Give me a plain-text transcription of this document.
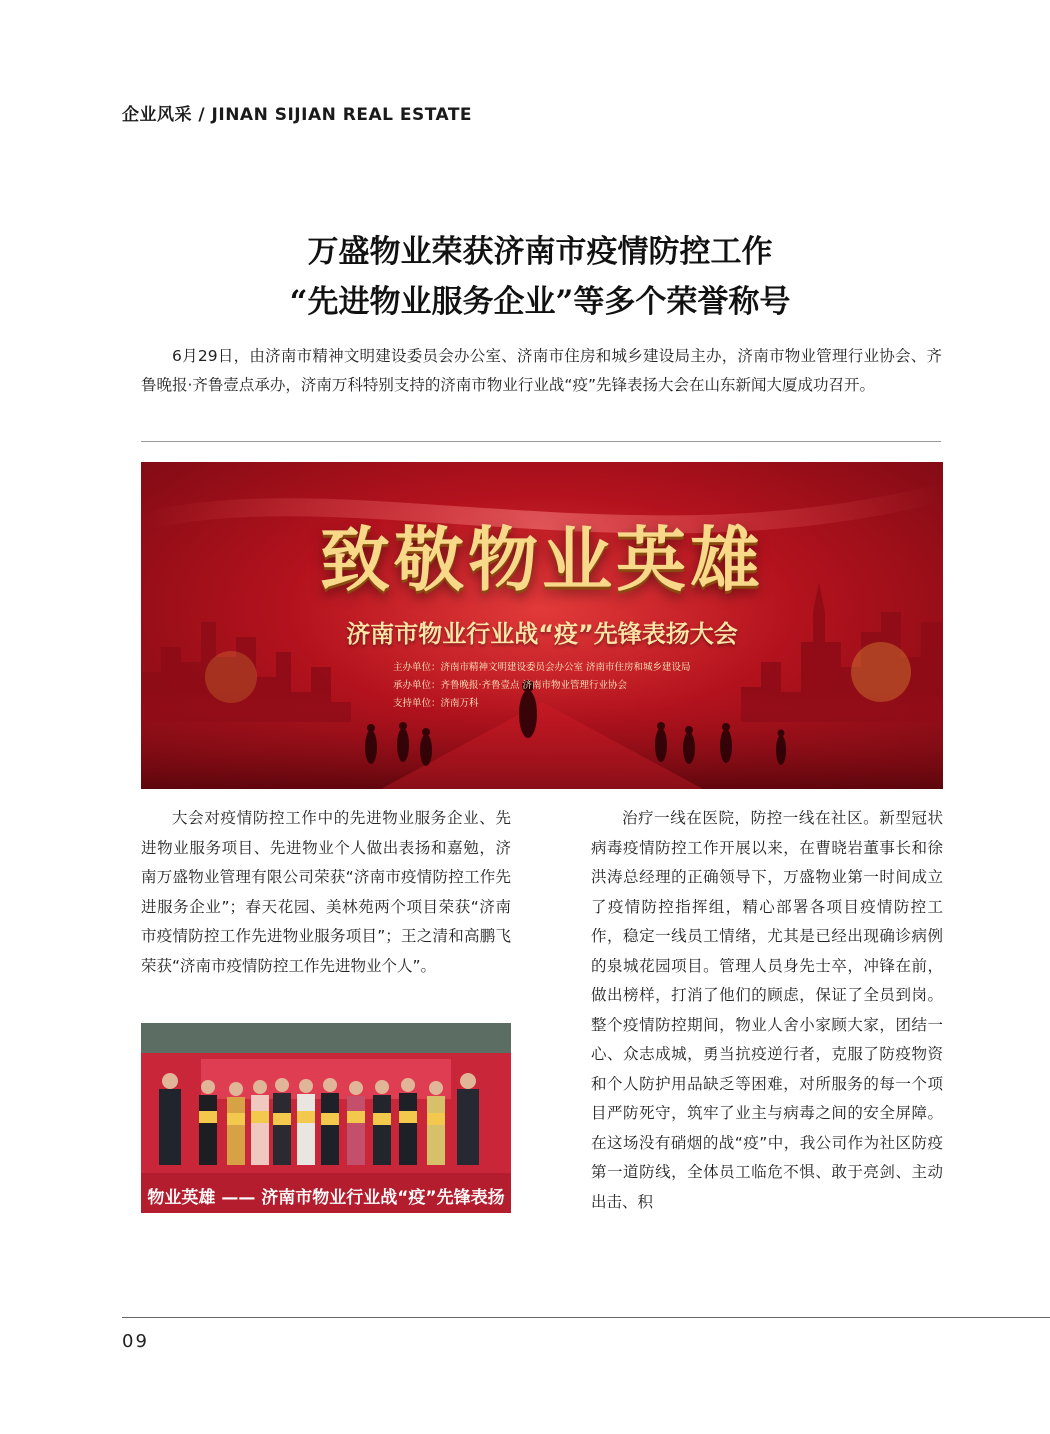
企业风采 / JINAN SIJIAN REAL ESTATE
万盛物业荣获济南市疫情防控工作
“先进物业服务企业”等多个荣誉称号
6月29日，由济南市精神文明建设委员会办公室、济南市住房和城乡建设局主办，济南市物业管理行业协会、齐鲁晚报·齐鲁壹点承办，济南万科特别支持的济南市物业行业战“疫”先锋表扬大会在山东新闻大厦成功召开。
致敬物业英雄
济南市物业行业战“疫”先锋表扬大会
主办单位：济南市精神文明建设委员会办公室 济南市住房和城乡建设局
承办单位：齐鲁晚报·齐鲁壹点 济南市物业管理行业协会
支持单位：济南万科
大会对疫情防控工作中的先进物业服务企业、先进物业服务项目、先进物业个人做出表扬和嘉勉，济南万盛物业管理有限公司荣获“济南市疫情防控工作先进服务企业”；春天花园、美林苑两个项目荣获“济南市疫情防控工作先进物业服务项目”；王之清和高鹏飞荣获“济南市疫情防控工作先进物业个人”。
物业英雄 —— 济南市物业行业战“疫”先锋表扬
治疗一线在医院，防控一线在社区。新型冠状病毒疫情防控工作开展以来，在曹晓岩董事长和徐洪涛总经理的正确领导下，万盛物业第一时间成立了疫情防控指挥组，精心部署各项目疫情防控工作，稳定一线员工情绪，尤其是已经出现确诊病例的泉城花园项目。管理人员身先士卒，冲锋在前，做出榜样，打消了他们的顾虑，保证了全员到岗。整个疫情防控期间，物业人舍小家顾大家，团结一心、众志成城，勇当抗疫逆行者，克服了防疫物资和个人防护用品缺乏等困难，对所服务的每一个项目严防死守，筑牢了业主与病毒之间的安全屏障。在这场没有硝烟的战“疫”中，我公司作为社区防疫第一道防线，全体员工临危不惧、敢于亮剑、主动出击、积
09
